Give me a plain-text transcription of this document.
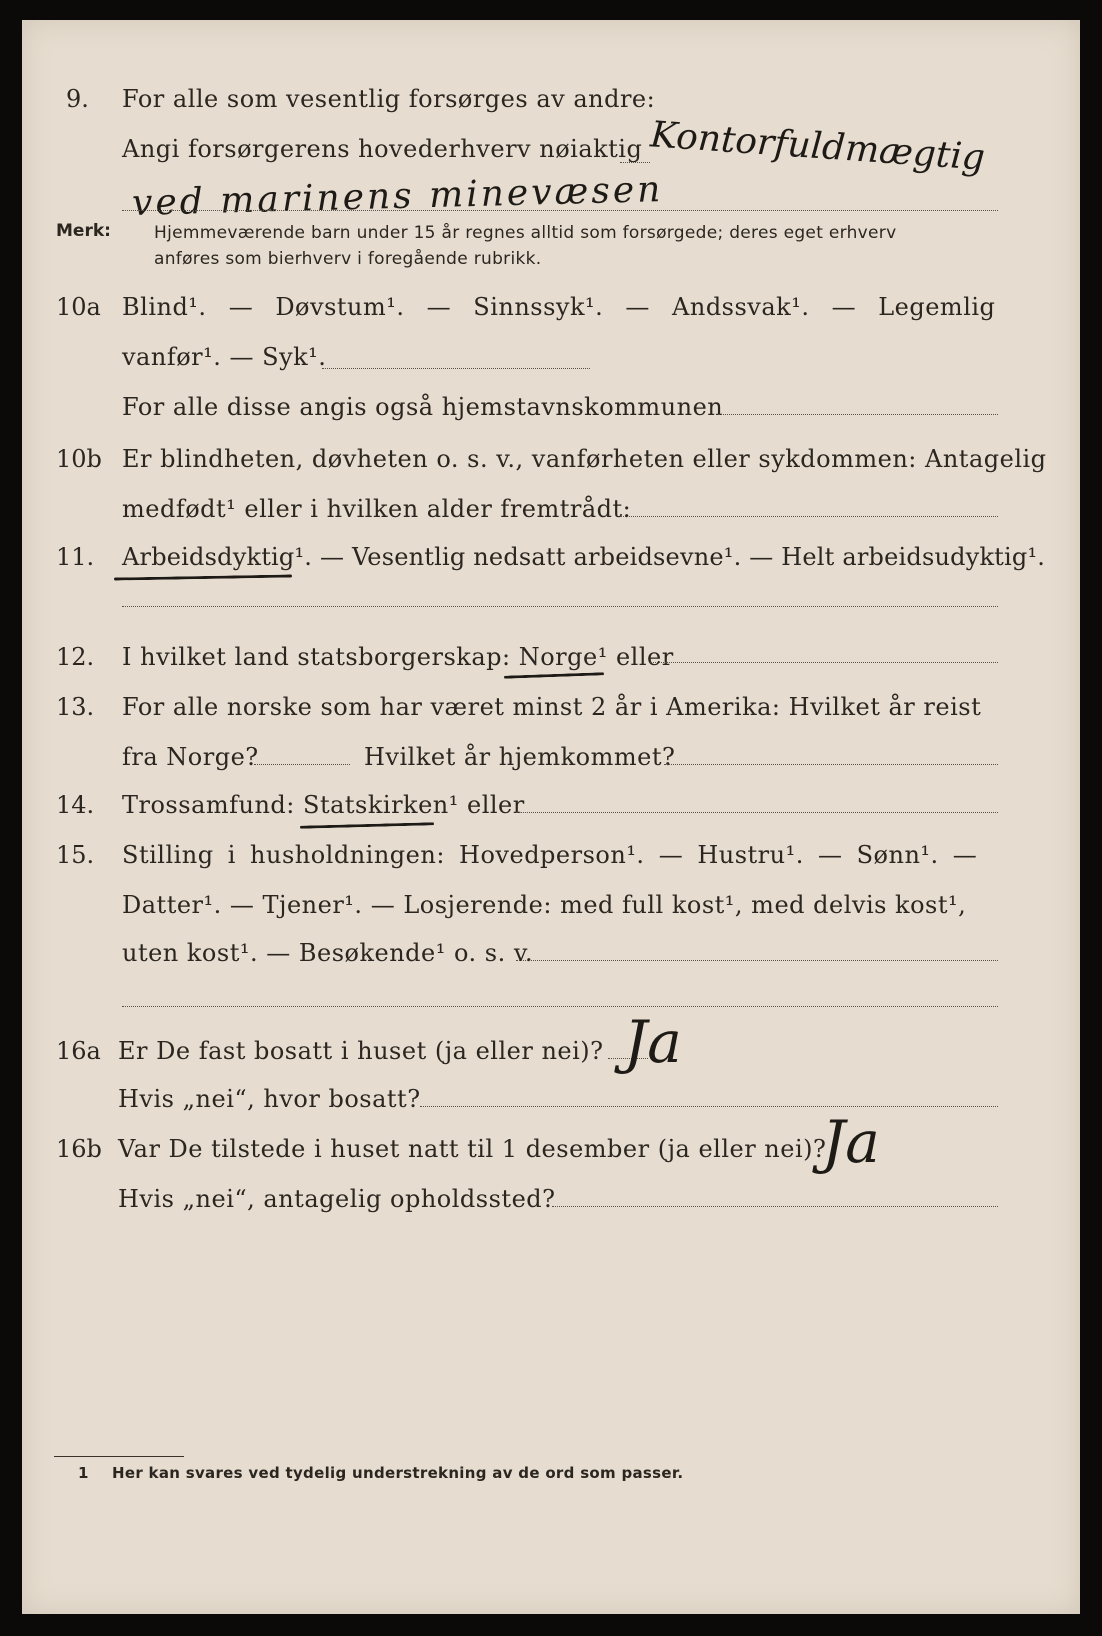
9. For alle som vesentlig forsørges av andre:
Angi forsørgerens hovederhverv nøiaktig Kontorfuldmægtig
ved marinens minevæsen
Merk:	Hjemmeværende barn under 15 år regnes alltid som forsørgede; deres eget erhverv
anføres som bierhverv i foregående rubrikk.
10a Blind¹. — Døvstum¹. — Sinnssyk¹. — Andssvak¹. — Legemlig
vanfør¹. — Syk¹.
For alle disse angis også hjemstavnskommunen
10b Er blindheten, døvheten o. s. v., vanførheten eller sykdommen: Antagelig
medfødt¹ eller i hvilken alder fremtrådt:
11. Arbeidsdyktig¹. — Vesentlig nedsatt arbeidsevne¹. — Helt arbeidsudyktig¹.
12. I hvilket land statsborgerskap: Norge¹ eller
13. For alle norske som har været minst 2 år i Amerika: Hvilket år reist
fra Norge?	Hvilket år hjemkommet?
14. Trossamfund: Statskirken¹ eller
15. Stilling i husholdningen: Hovedperson¹. — Hustru¹. — Sønn¹. —
Datter¹. — Tjener¹. — Losjerende: med full kost¹, med delvis kost¹,
uten kost¹. — Besøkende¹ o. s. v.
16a Er De fast bosatt i huset (ja eller nei)? Ja
Hvis „nei“, hvor bosatt?
16b Var De tilstede i huset natt til 1 desember (ja eller nei)?
Ja
Hvis „nei“, antagelig opholdssted?
1 Her kan svares ved tydelig understrekning av de ord som passer.
